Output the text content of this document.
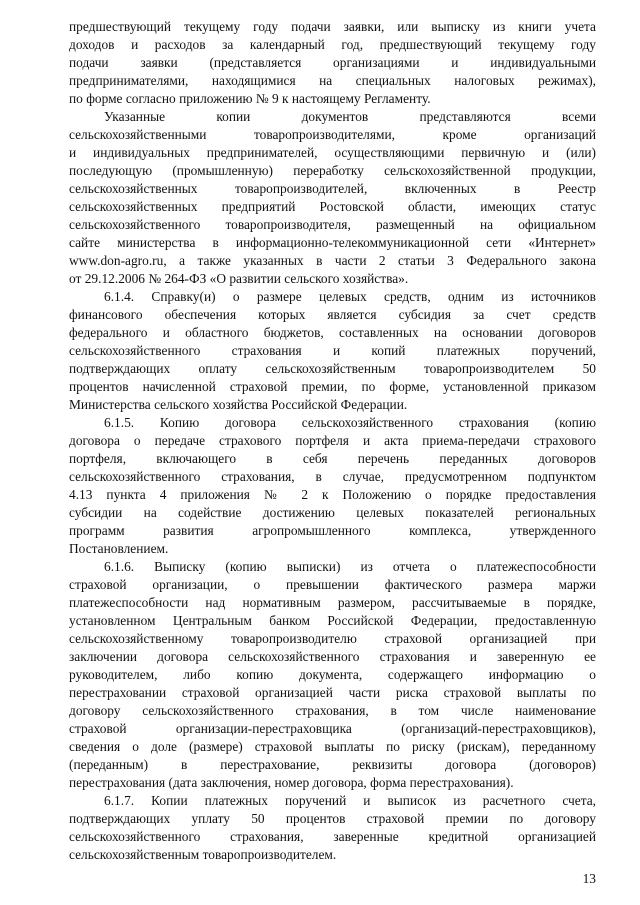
предшествующий текущему году подачи заявки, или выписку из книги учета
доходов и расходов за календарный год, предшествующий текущему году
подачи заявки (представляется организациями и индивидуальными
предпринимателями, находящимися на специальных налоговых режимах),
по форме согласно приложению № 9 к настоящему Регламенту.
Указанные копии документов представляются всеми
сельскохозяйственными товаропроизводителями, кроме организаций
и индивидуальных предпринимателей, осуществляющими первичную и (или)
последующую (промышленную) переработку сельскохозяйственной продукции,
сельскохозяйственных товаропроизводителей, включенных в Реестр
сельскохозяйственных предприятий Ростовской области, имеющих статус
сельскохозяйственного товаропроизводителя, размещенный на официальном
сайте министерства в информационно-телекоммуникационной сети «Интернет»
www.don-agro.ru, а также указанных в части 2 статьи 3 Федерального закона
от 29.12.2006 № 264-ФЗ «О развитии сельского хозяйства».
6.1.4. Справку(и) о размере целевых средств, одним из источников
финансового обеспечения которых является субсидия за счет средств
федерального и областного бюджетов, составленных на основании договоров
сельскохозяйственного страхования и копий платежных поручений,
подтверждающих оплату сельскохозяйственным товаропроизводителем 50
процентов начисленной страховой премии, по форме, установленной приказом
Министерства сельского хозяйства Российской Федерации.
6.1.5. Копию договора сельскохозяйственного страхования (копию
договора о передаче страхового портфеля и акта приема-передачи страхового
портфеля, включающего в себя перечень переданных договоров
сельскохозяйственного страхования, в случае, предусмотренном подпунктом
4.13 пункта 4 приложения № 2 к Положению о порядке предоставления
субсидии на содействие достижению целевых показателей региональных
программ развития агропромышленного комплекса, утвержденного
Постановлением.
6.1.6. Выписку (копию выписки) из отчета о платежеспособности
страховой организации, о превышении фактического размера маржи
платежеспособности над нормативным размером, рассчитываемые в порядке,
установленном Центральным банком Российской Федерации, предоставленную
сельскохозяйственному товаропроизводителю страховой организацией при
заключении договора сельскохозяйственного страхования и заверенную ее
руководителем, либо копию документа, содержащего информацию о
перестраховании страховой организацией части риска страховой выплаты по
договору сельскохозяйственного страхования, в том числе наименование
страховой организации-перестраховщика (организаций-перестраховщиков),
сведения о доле (размере) страховой выплаты по риску (рискам), переданному
(переданным) в перестрахование, реквизиты договора (договоров)
перестрахования (дата заключения, номер договора, форма перестрахования).
6.1.7. Копии платежных поручений и выписок из расчетного счета,
подтверждающих уплату 50 процентов страховой премии по договору
сельскохозяйственного страхования, заверенные кредитной организацией
сельскохозяйственным товаропроизводителем.
13
